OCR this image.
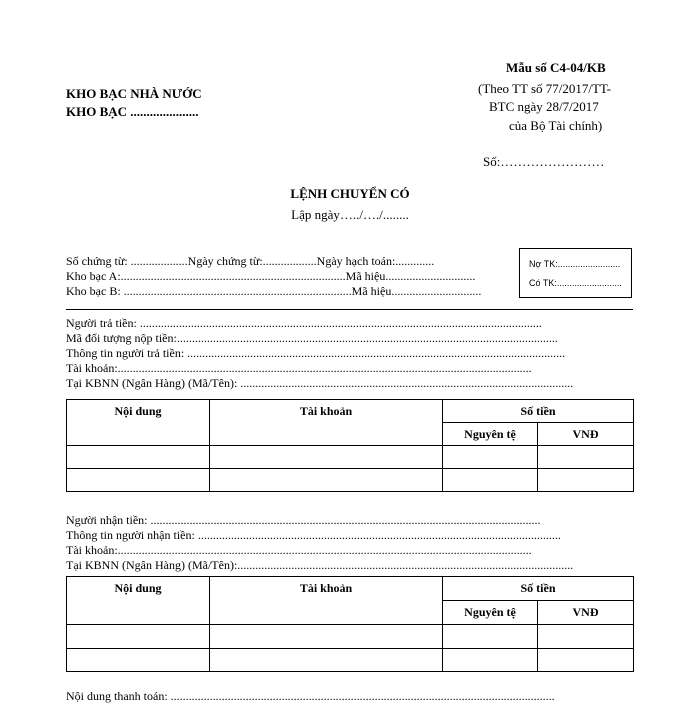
Mẫu số C4-04/KB
(Theo TT số 77/2017/TT-
BTC ngày 28/7/2017
của Bộ Tài chính)
KHO BẠC NHÀ NƯỚC
KHO BẠC .....................
Số:……………………
LỆNH CHUYỂN CÓ
Lập ngày…../…./........
Số chứng từ: ...................Ngày chứng từ:..................Ngày hạch toán:.............
Kho bạc A:...........................................................................Mã hiệu..............................
Kho bạc B: ............................................................................Mã hiệu..............................
Nợ TK:.........................
Có TK:..........................
Người trả tiền: ......................................................................................................................................
Mã đối tượng nộp tiền:...............................................................................................................................
Thông tin người trả tiền: ..............................................................................................................................
Tài khoản:..........................................................................................................................................
Tại KBNN (Ngân Hàng) (Mã/Tên): ...............................................................................................................
Nội dung	Tài khoản	Số tiền	
		Nguyên tệ	VNĐ

Người nhận tiền: ..................................................................................................................................
Thông tin người nhận tiền: .........................................................................................................................
Tài khoản:..........................................................................................................................................
Tại KBNN (Ngân Hàng) (Mã/Tên):................................................................................................................
Nội dung	Tài khoản	Số tiền	
		Nguyên tệ	VNĐ

Nội dung thanh toán: ................................................................................................................................
